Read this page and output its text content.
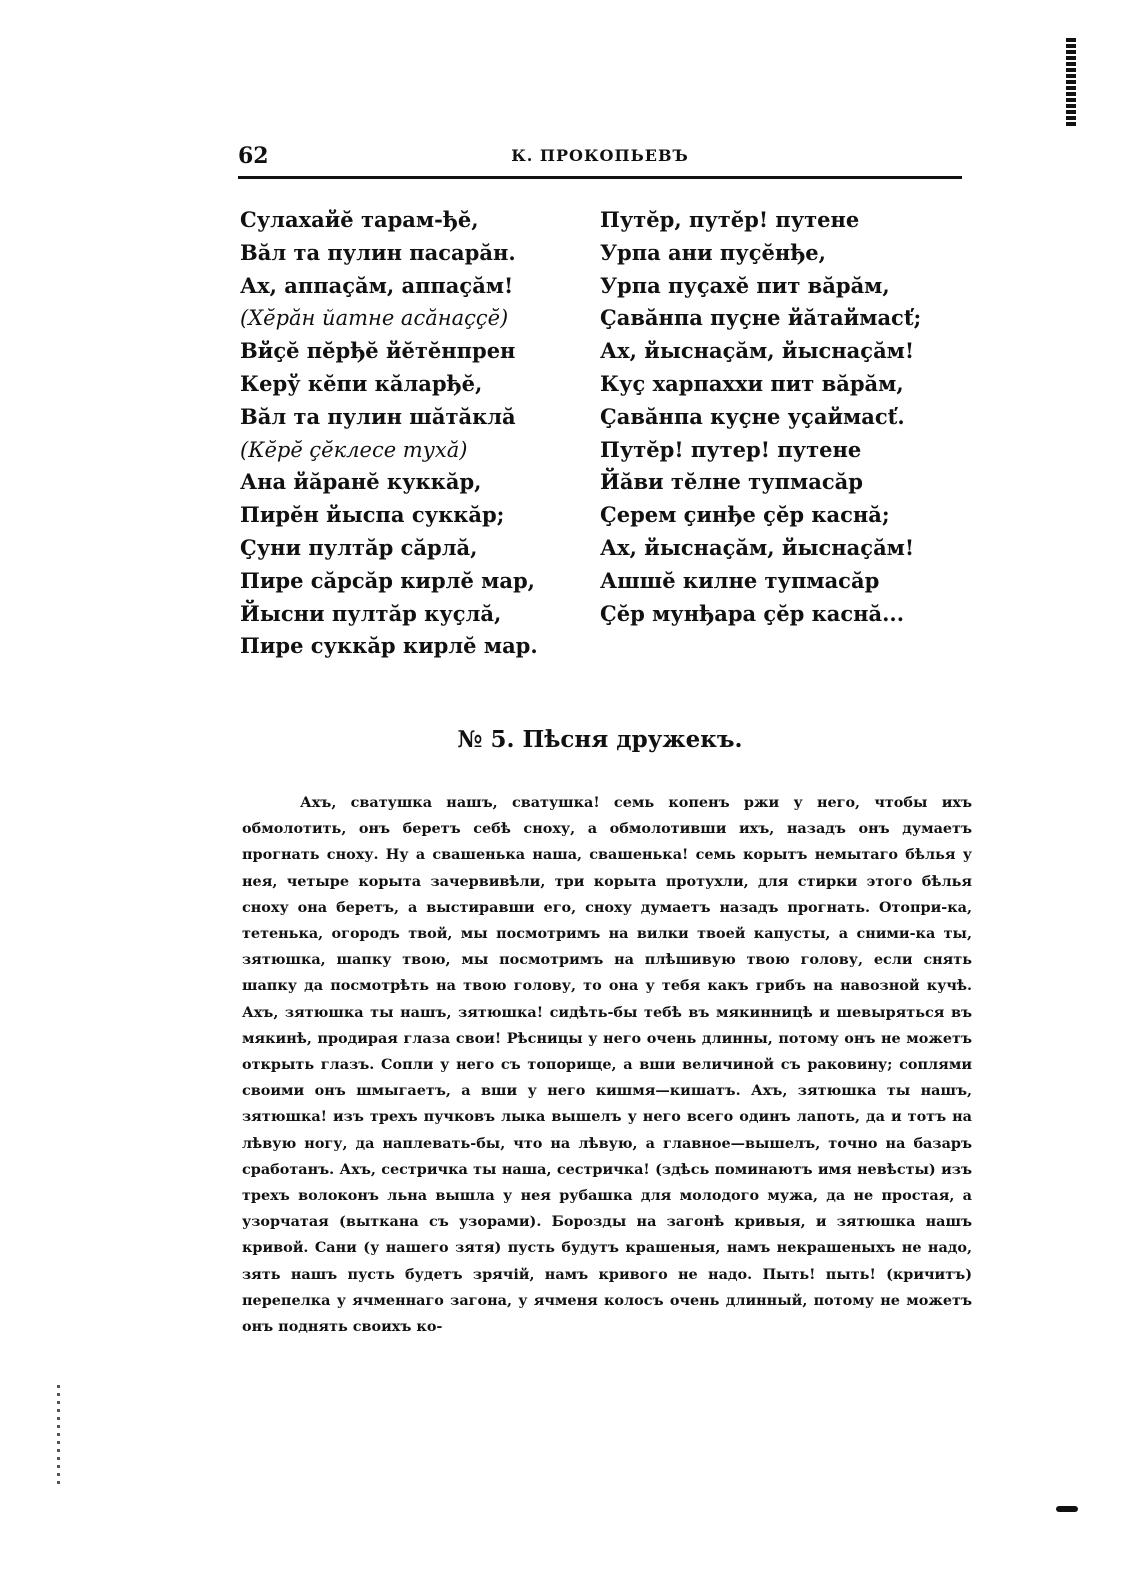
62	К. ПРОКОПЬЕВЪ
Сулахайĕ тарам-ђĕ,
Вăл та пулин пасарăн.
Ах, аппаçăм, аппаçăм!
(Хĕрăн йатне асăнаççĕ)
Вйçĕ пĕрђĕ йĕтĕнпрен
Керў кĕпи кăларђĕ,
Вăл та пулин шăтăклă
(Кĕрĕ çĕклесе тухă)
Ана йăранĕ куккăр,
Пирĕн йыспа суккăр;
Çуни пултăр сăрлă,
Пире сăрсăр кирлĕ мар,
Йысни пултăр куçлă,
Пире суккăр кирлĕ мар.
Путĕр, путĕр! путене
Урпа ани пуçĕнђе,
Урпа пуçахĕ пит вăрăм,
Çавăнпа пуçне йăтаймасť;
Ах, йыснаçăм, йыснаçăм!
Куç харпаххи пит вăрăм,
Çавăнпа куçне уçаймасť.
Путĕр! путер! путене
Йăви тĕлне тупмасăр
Çерем çинђе çĕр каснӑ;
Ах, йыснаçăм, йыснаçăм!
Ашшĕ килне тупмасăр
Çĕр мунђара çĕр каснӑ...
№ 5. Пѣсня дружекъ.

Ахъ, сватушка нашъ, сватушка! семь копенъ ржи у него, чтобы ихъ обмолотить, онъ беретъ себѣ сноху, а обмолотивши ихъ, назадъ онъ думаетъ прогнать сноху. Ну а свашенька наша, свашенька! семь корытъ немытаго бѣлья у нея, четыре корыта зачервивѣли, три корыта протухли, для стирки этого бѣлья сноху она беретъ, а выстиравши его, сноху думаетъ назадъ прогнать. Отопри-ка, тетенька, огородъ твой, мы посмотримъ на вилки твоей капусты, а сними-ка ты, зятюшка, шапку твою, мы посмотримъ на плѣшивую твою голову, если снять шапку да посмотрѣть на твою голову, то она у тебя какъ грибъ на навозной кучѣ. Ахъ, зятюшка ты нашъ, зятюшка! сидѣть-бы тебѣ въ мякинницѣ и шевыряться въ мякинѣ, продирая глаза свои! Рѣсницы у него очень длинны, потому онъ не можетъ открыть глазъ. Сопли у него съ топорище, а вши величиной съ раковину; соплями своими онъ шмыгаетъ, а вши у него кишмя—кишатъ. Ахъ, зятюшка ты нашъ, зятюшка! изъ трехъ пучковъ лыка вышелъ у него всего одинъ лапоть, да и тотъ на лѣвую ногу, да наплевать-бы, что на лѣвую, а главное—вышелъ, точно на базаръ сработанъ. Ахъ, сестричка ты наша, сестричка! (здѣсь поминаютъ имя невѣсты) изъ трехъ волоконъ льна вышла у нея рубашка для молодого мужа, да не простая, а узорчатая (вытканa съ узорами). Борозды на загонѣ кривыя, и зятюшка нашъ кривой. Сани (у нашего зятя) пусть будутъ крашеныя, намъ некрашеныхъ не надо, зять нашъ пусть будетъ зрячій, намъ кривого не надо. Пыть! пыть! (кричитъ) перепелка у ячменнаго загона, у ячменя колосъ очень длинный, потому не можетъ онъ поднять своихъ ко-
